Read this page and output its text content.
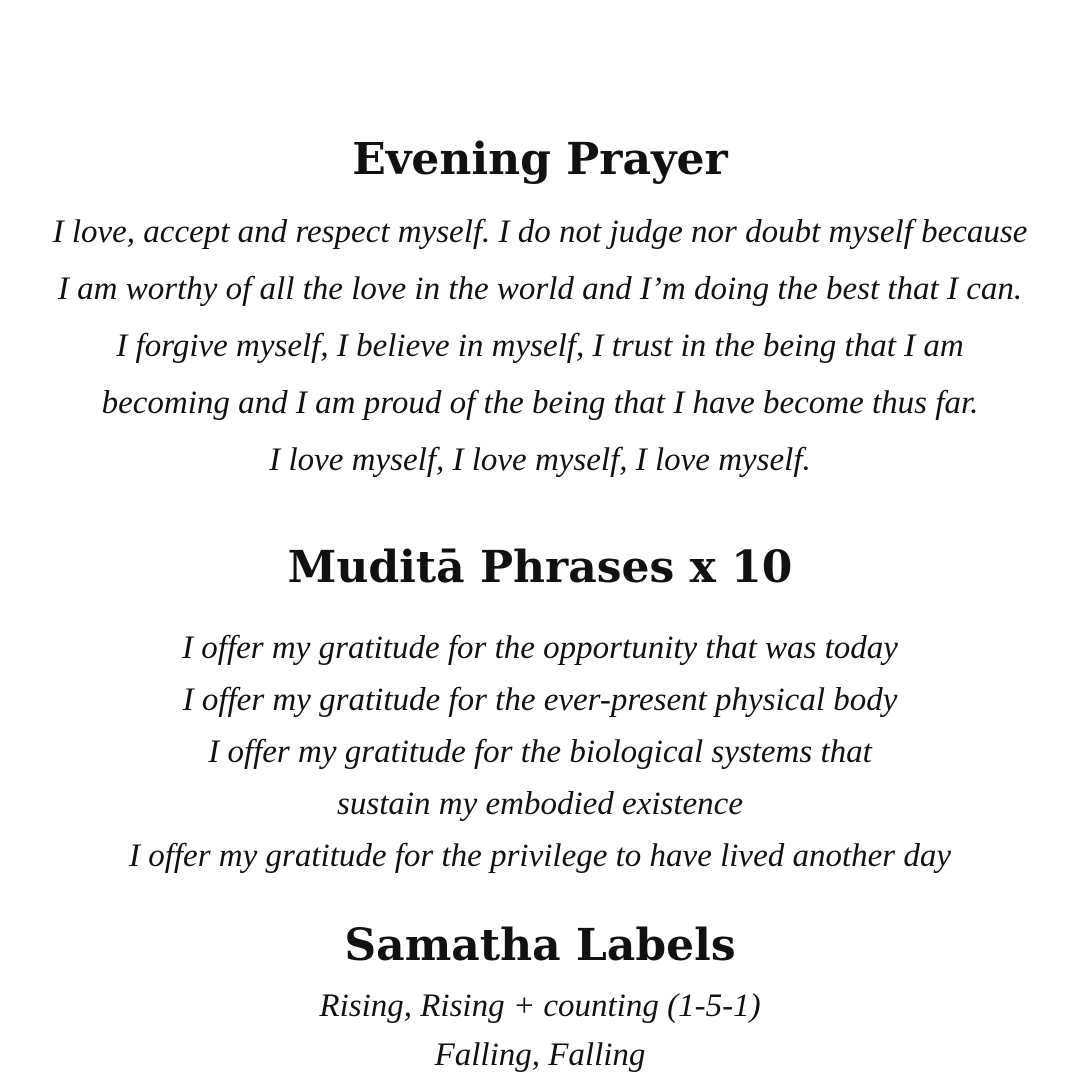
Evening Prayer

I love, accept and respect myself. I do not judge nor doubt myself because

I am worthy of all the love in the world and I’m doing the best that I can.

I forgive myself, I believe in myself, I trust in the being that I am

becoming and I am proud of the being that I have become thus far.

I love myself, I love myself, I love myself.

Muditā Phrases x 10

I offer my gratitude for the opportunity that was today

I offer my gratitude for the ever-present physical body

I offer my gratitude for the biological systems that

sustain my embodied existence

I offer my gratitude for the privilege to have lived another day

Samatha Labels

Rising, Rising + counting (1-5-1)

Falling, Falling
